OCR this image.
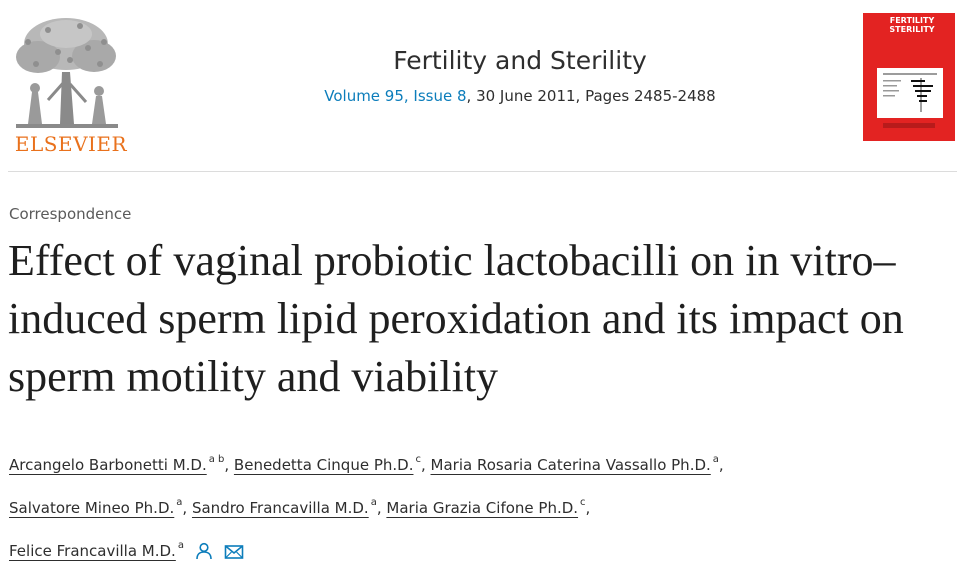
ELSEVIER
Fertility and Sterility
Volume 95, Issue 8, 30 June 2011, Pages 2485-2488
FERTILITY
STERILITY
Correspondence
Effect of vaginal probiotic lactobacilli on in vitro–induced sperm lipid peroxidation and its impact on sperm motility and viability
Arcangelo Barbonetti M.D. $^{a b}$, Benedetta Cinque Ph.D. $^c$, Maria Rosaria Caterina Vassallo Ph.D. $^a$,
Salvatore Mineo Ph.D. $^a$, Sandro Francavilla M.D. $^a$, Maria Grazia Cifone Ph.D. $^c$,
Felice Francavilla M.D. $^a$
